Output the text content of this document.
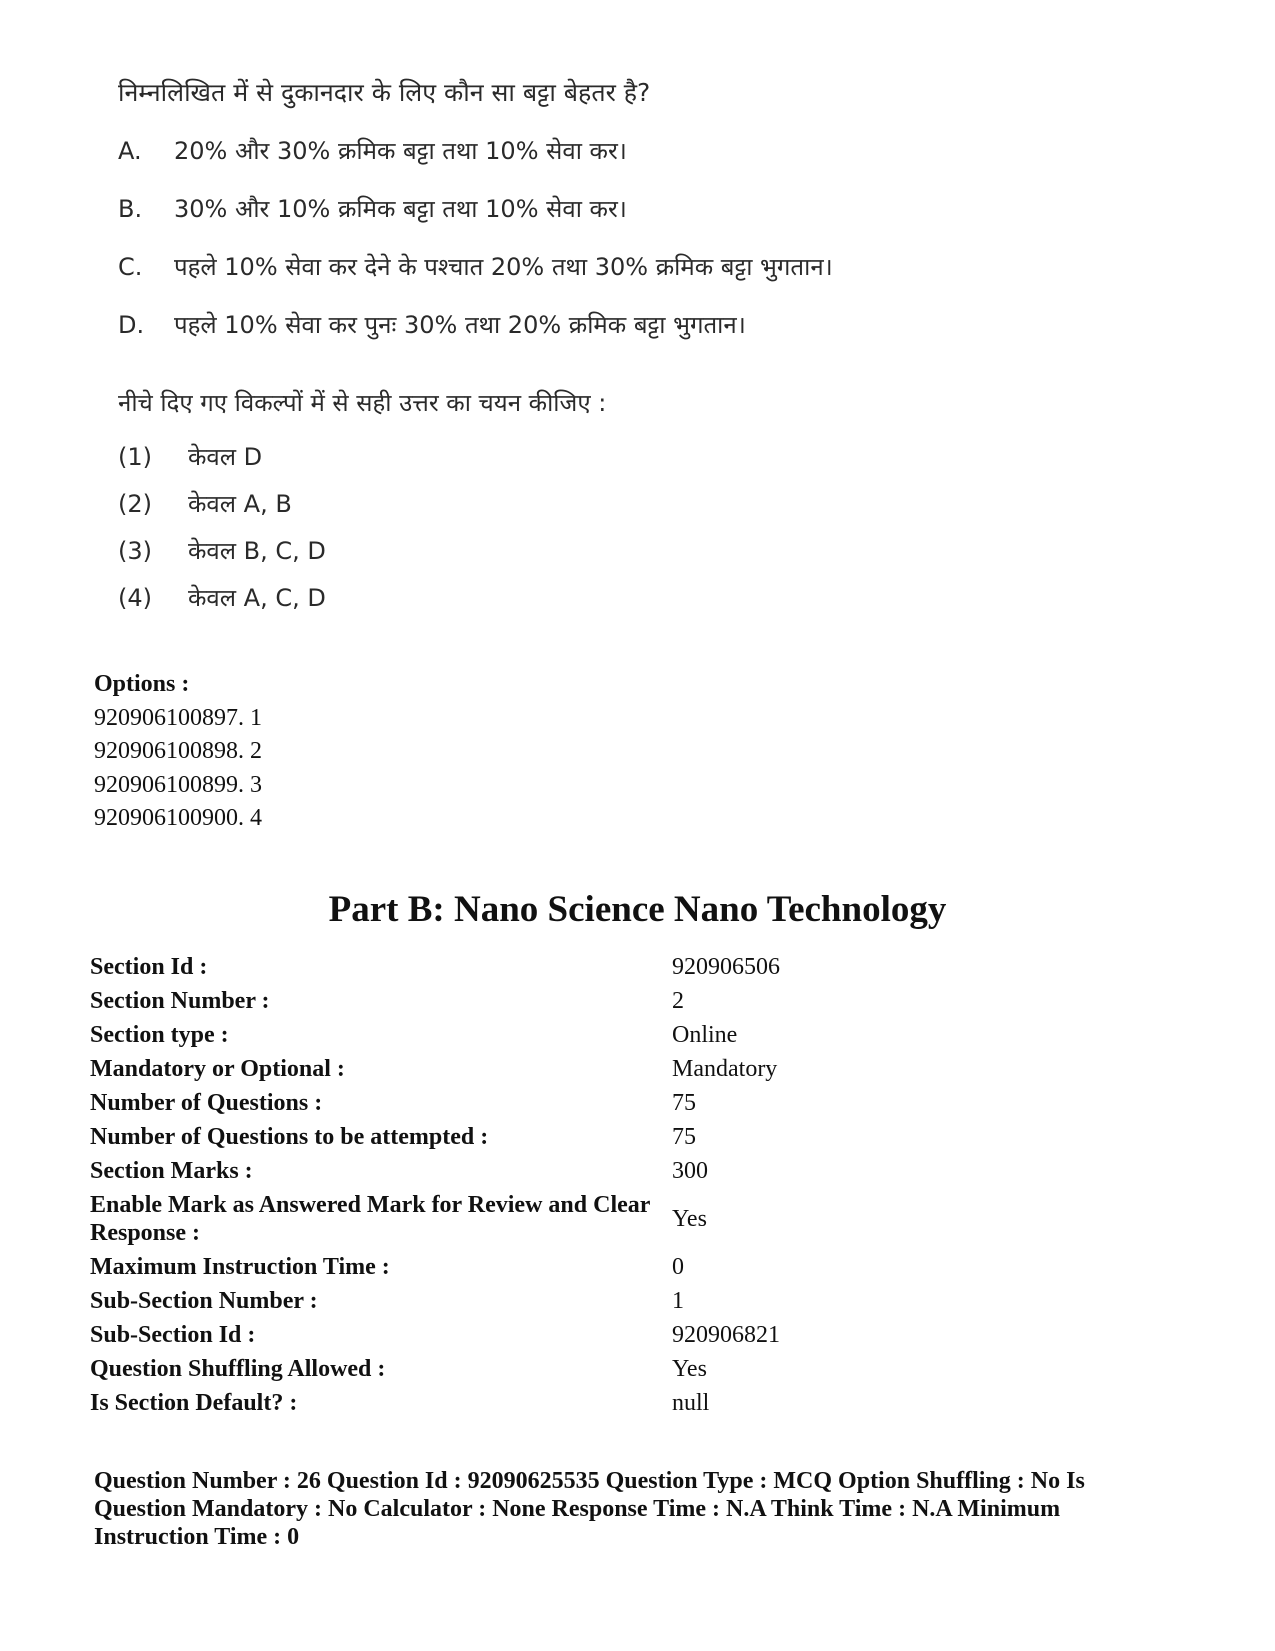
निम्नलिखित में से दुकानदार के लिए कौन सा बट्टा बेहतर है?

A.	20% और 30% क्रमिक बट्टा तथा 10% सेवा कर।
B.	30% और 10% क्रमिक बट्टा तथा 10% सेवा कर।
C.	पहले 10% सेवा कर देने के पश्चात 20% तथा 30% क्रमिक बट्टा भुगतान।
D.	पहले 10% सेवा कर पुनः 30% तथा 20% क्रमिक बट्टा भुगतान।
नीचे दिए गए विकल्पों में से सही उत्तर का चयन कीजिए :
(1)	केवल D
(2)	केवल A, B
(3)	केवल B, C, D
(4)	केवल A, C, D
Options :
920906100897. 1
920906100898. 2
920906100899. 3
920906100900. 4
Part B: Nano Science Nano Technology
Section Id :	920906506
Section Number :	2
Section type :	Online
Mandatory or Optional :	Mandatory
Number of Questions :	75
Number of Questions to be attempted :	75
Section Marks :	300
Enable Mark as Answered Mark for Review and Clear Response :	Yes
Maximum Instruction Time :	0
Sub-Section Number :	1
Sub-Section Id :	920906821
Question Shuffling Allowed :	Yes
Is Section Default? :	null
Question Number : 26 Question Id : 92090625535 Question Type : MCQ Option Shuffling : No Is Question Mandatory : No Calculator : None Response Time : N.A Think Time : N.A Minimum Instruction Time : 0
